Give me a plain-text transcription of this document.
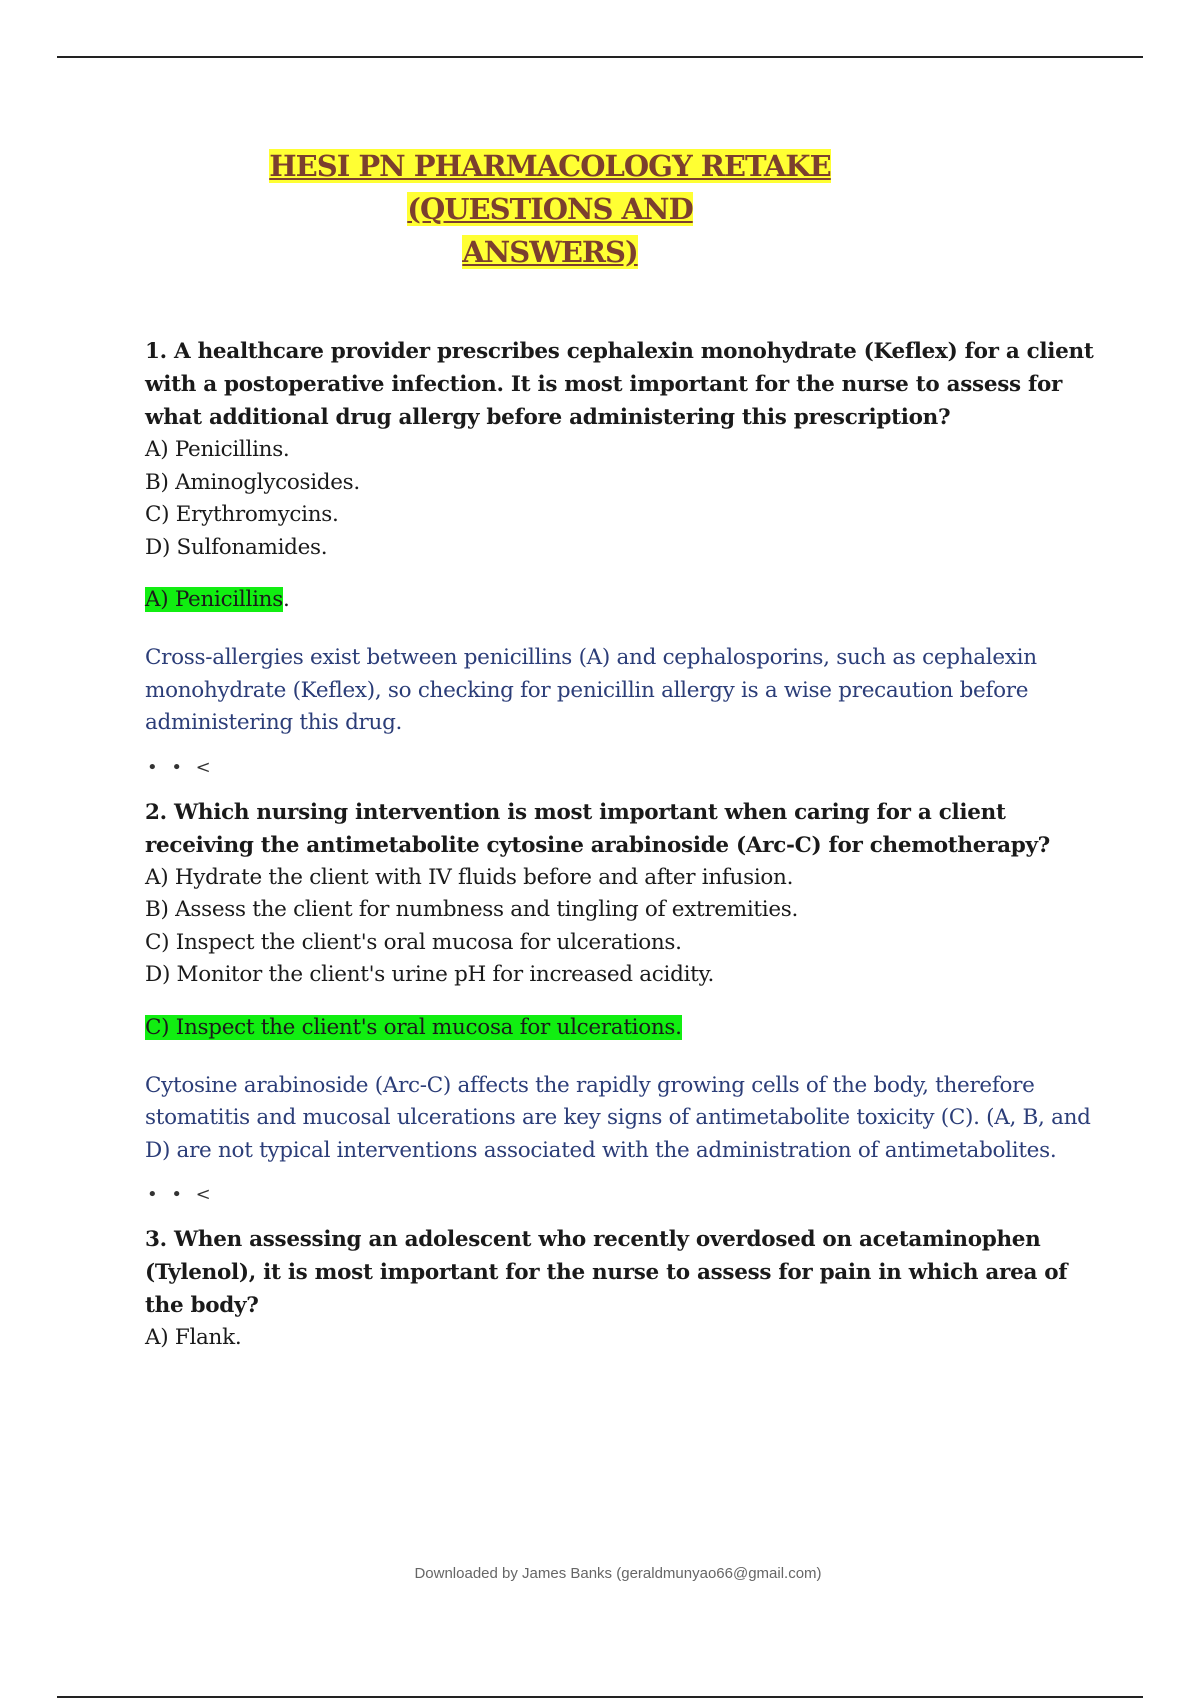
HESI PN PHARMACOLOGY RETAKE (QUESTIONS AND
ANSWERS)

1. A healthcare provider prescribes cephalexin monohydrate (Keflex) for a client with a postoperative infection. It is most important for the nurse to assess for what additional drug allergy before administering this prescription?

A) Penicillins.

B) Aminoglycosides.

C) Erythromycins.

D) Sulfonamides.

A) Penicillins.

Cross-allergies exist between penicillins (A) and cephalosporins, such as cephalexin monohydrate (Keflex), so checking for penicillin allergy is a wise precaution before administering this drug.

• • <

2. Which nursing intervention is most important when caring for a client receiving the antimetabolite cytosine arabinoside (Arc-C) for chemotherapy?

A) Hydrate the client with IV fluids before and after infusion.

B) Assess the client for numbness and tingling of extremities.

C) Inspect the client's oral mucosa for ulcerations.

D) Monitor the client's urine pH for increased acidity.

C) Inspect the client's oral mucosa for ulcerations.

Cytosine arabinoside (Arc-C) affects the rapidly growing cells of the body, therefore stomatitis and mucosal ulcerations are key signs of antimetabolite toxicity (C). (A, B, and D) are not typical interventions associated with the administration of antimetabolites.

• • <

3. When assessing an adolescent who recently overdosed on acetaminophen (Tylenol), it is most important for the nurse to assess for pain in which area of the body?

A) Flank.

Downloaded by James Banks (geraldmunyao66@gmail.com)
